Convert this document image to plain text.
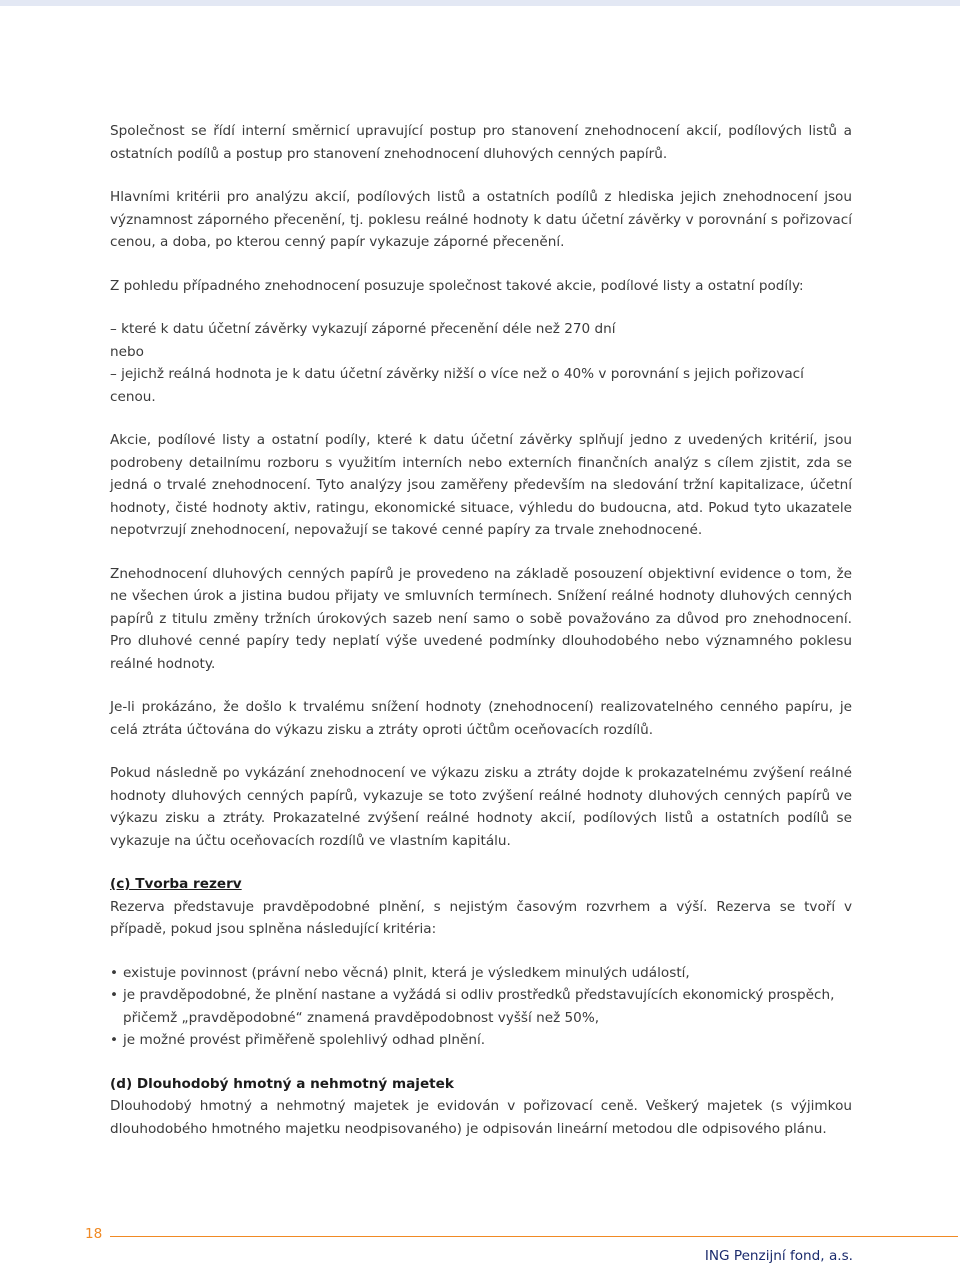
Společnost se řídí interní směrnicí upravující postup pro stanovení znehodnocení akcií, podílových listů a ostatních podílů a postup pro stanovení znehodnocení dluhových cenných papírů.

Hlavními kritérii pro analýzu akcií, podílových listů a ostatních podílů z hlediska jejich znehodnocení jsou významnost záporného přecenění, tj. poklesu reálné hodnoty k datu účetní závěrky v porovnání s pořizovací cenou, a doba, po kterou cenný papír vykazuje záporné přecenění.

Z pohledu případného znehodnocení posuzuje společnost takové akcie, podílové listy a ostatní podíly:

– které k datu účetní závěrky vykazují záporné přecenění déle než 270 dní
nebo
– jejichž reálná hodnota je k datu účetní závěrky nižší o více než o 40% v porovnání s jejich pořizovací cenou.

Akcie, podílové listy a ostatní podíly, které k datu účetní závěrky splňují jedno z uvedených kritérií, jsou podrobeny detailnímu rozboru s využitím interních nebo externích finančních analýz s cílem zjistit, zda se jedná o trvalé znehodnocení. Tyto analýzy jsou zaměřeny především na sledování tržní kapitalizace, účetní hodnoty, čisté hodnoty aktiv, ratingu, ekonomické situace, výhledu do budoucna, atd. Pokud tyto ukazatele nepotvrzují znehodnocení, nepovažují se takové cenné papíry za trvale znehodnocené.

Znehodnocení dluhových cenných papírů je provedeno na základě posouzení objektivní evidence o tom, že ne všechen úrok a jistina budou přijaty ve smluvních termínech. Snížení reálné hodnoty dluhových cenných papírů z titulu změny tržních úrokových sazeb není samo o sobě považováno za důvod pro znehodnocení. Pro dluhové cenné papíry tedy neplatí výše uvedené podmínky dlouhodobého nebo významného poklesu reálné hodnoty.

Je-li prokázáno, že došlo k trvalému snížení hodnoty (znehodnocení) realizovatelného cenného papíru, je celá ztráta účtována do výkazu zisku a ztráty oproti účtům oceňovacích rozdílů.

Pokud následně po vykázání znehodnocení ve výkazu zisku a ztráty dojde k prokazatelnému zvýšení reálné hodnoty dluhových cenných papírů, vykazuje se toto zvýšení reálné hodnoty dluhových cenných papírů ve výkazu zisku a ztráty. Prokazatelné zvýšení reálné hodnoty akcií, podílových listů a ostatních podílů se vykazuje na účtu oceňovacích rozdílů ve vlastním kapitálu.

(c) Tvorba rezerv

Rezerva představuje pravděpodobné plnění, s nejistým časovým rozvrhem a výší. Rezerva se tvoří v případě, pokud jsou splněna následující kritéria:

• existuje povinnost (právní nebo věcná) plnit, která je výsledkem minulých událostí,
• je pravděpodobné, že plnění nastane a vyžádá si odliv prostředků představujících ekonomický prospěch, přičemž „pravděpodobné“ znamená pravděpodobnost vyšší než 50%,
• je možné provést přiměřeně spolehlivý odhad plnění.
(d) Dlouhodobý hmotný a nehmotný majetek

Dlouhodobý hmotný a nehmotný majetek je evidován v pořizovací ceně. Veškerý majetek (s výjimkou dlouhodobého hmotného majetku neodpisovaného) je odpisován lineární metodou dle odpisového plánu.

18
ING Penzijní fond, a.s.
